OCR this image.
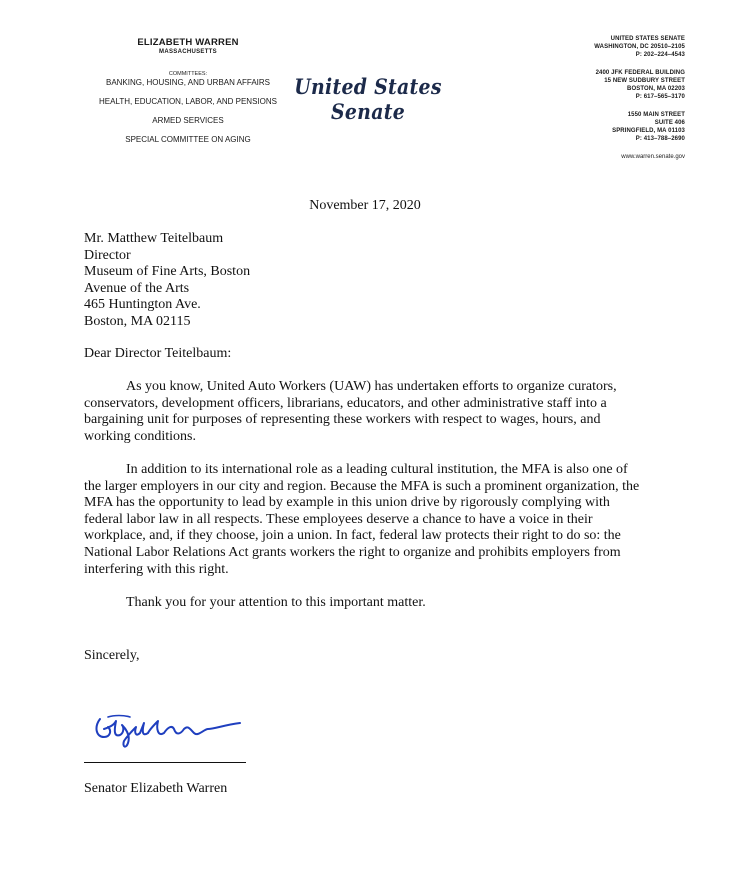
ELIZABETH WARREN
MASSACHUSETTS
COMMITTEES:
BANKING, HOUSING, AND URBAN AFFAIRS
HEALTH, EDUCATION, LABOR, AND PENSIONS
ARMED SERVICES
SPECIAL COMMITTEE ON AGING
United States Senate
UNITED STATES SENATE
WASHINGTON, DC 20510–2105
P: 202–224–4543
2400 JFK FEDERAL BUILDING
15 NEW SUDBURY STREET
BOSTON, MA 02203
P: 617–565–3170
1550 MAIN STREET
SUITE 406
SPRINGFIELD, MA 01103
P: 413–788–2690
www.warren.senate.gov
November 17, 2020
Mr. Matthew Teitelbaum
Director
Museum of Fine Arts, Boston
Avenue of the Arts
465 Huntington Ave.
Boston, MA 02115
Dear Director Teitelbaum:

As you know, United Auto Workers (UAW) has undertaken efforts to organize curators, conservators, development officers, librarians, educators, and other administrative staff into a bargaining unit for purposes of representing these workers with respect to wages, hours, and working conditions.

In addition to its international role as a leading cultural institution, the MFA is also one of the larger employers in our city and region. Because the MFA is such a prominent organization, the MFA has the opportunity to lead by example in this union drive by rigorously complying with federal labor law in all respects. These employees deserve a chance to have a voice in their workplace, and, if they choose, join a union. In fact, federal law protects their right to do so: the National Labor Relations Act grants workers the right to organize and prohibits employers from interfering with this right.

Thank you for your attention to this important matter.

Sincerely,
Senator Elizabeth Warren
